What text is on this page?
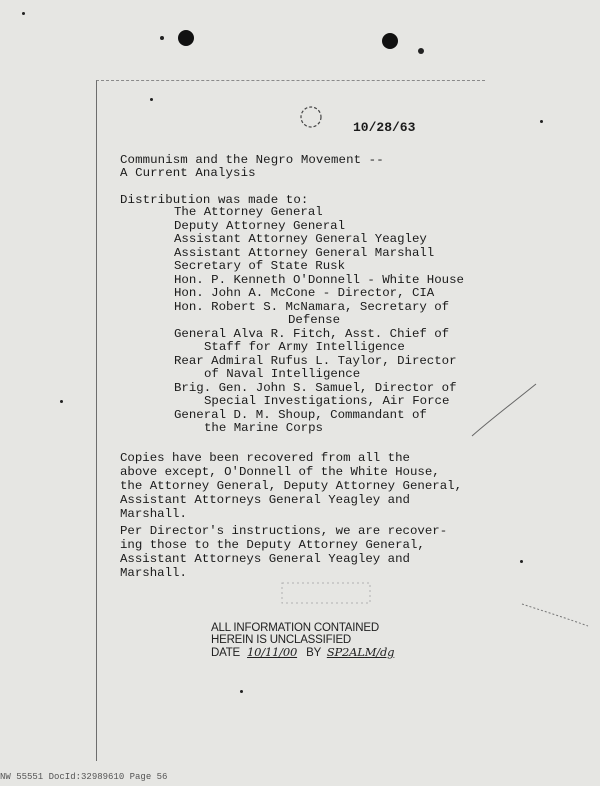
10/28/63
Communism and the Negro Movement --
A Current Analysis
Distribution was made to:
The Attorney General
Deputy Attorney General
Assistant Attorney General Yeagley
Assistant Attorney General Marshall
Secretary of State Rusk
Hon. P. Kenneth O'Donnell - White House
Hon. John A. McCone - Director, CIA
Hon. Robert S. McNamara, Secretary of
Defense
General Alva R. Fitch, Asst. Chief of
Staff for Army Intelligence
Rear Admiral Rufus L. Taylor, Director
of Naval Intelligence
Brig. Gen. John S. Samuel, Director of
Special Investigations, Air Force
General D. M. Shoup, Commandant of
the Marine Corps
Copies have been recovered from all the
above except, O'Donnell of the White House,
the Attorney General, Deputy Attorney General,
Assistant Attorneys General Yeagley and
Marshall.
Per Director's instructions, we are recover-
ing those to the Deputy Attorney General,
Assistant Attorneys General Yeagley and
Marshall.
ALL INFORMATION CONTAINED
HEREIN IS UNCLASSIFIED
DATE 10/11/00 BY SP2ALM/dg
NW 55551 DocId:32989610 Page 56
